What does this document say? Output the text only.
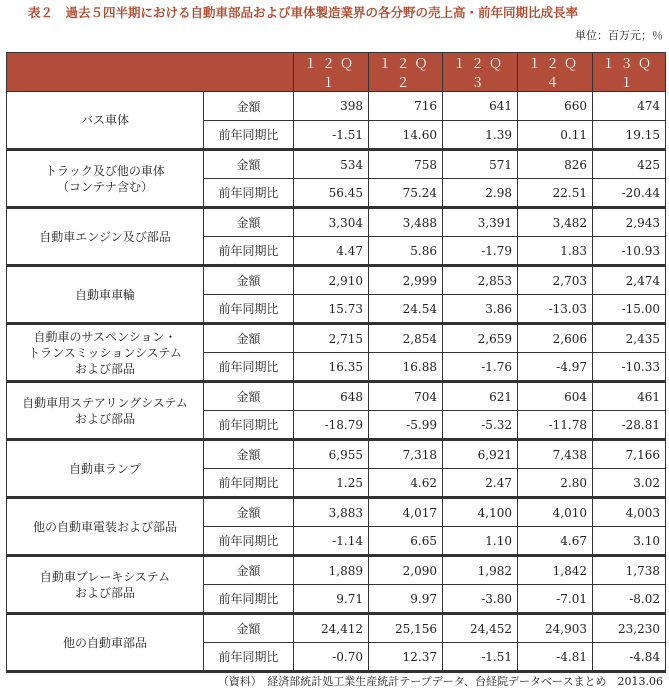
表２　過去５四半期における自動車部品および車体製造業界の各分野の売上高・前年同期比成長率
単位：百万元；％
		１２Ｑ１	１２Ｑ２	１２Ｑ３	１２Ｑ４	１３Ｑ１

バス車体	金額	398	716	641	660	474
	前年同期比	-1.51	14.60	1.39	0.11	19.15

トラック及び他の車体
（コンテナ含む）	金額	534	758	571	826	425
	前年同期比	56.45	75.24	2.98	22.51	-20.44

自動車エンジン及び部品	金額	3,304	3,488	3,391	3,482	2,943
	前年同期比	4.47	5.86	-1.79	1.83	-10.93

自動車車輪	金額	2,910	2,999	2,853	2,703	2,474
	前年同期比	15.73	24.54	3.86	-13.03	-15.00

自動車のサスペンション・
トランスミッションシステム
および部品	金額	2,715	2,854	2,659	2,606	2,435
	前年同期比	16.35	16.88	-1.76	-4.97	-10.33

自動車用ステアリングシステム
および部品	金額	648	704	621	604	461
	前年同期比	-18.79	-5.99	-5.32	-11.78	-28.81

自動車ランプ	金額	6,955	7,318	6,921	7,438	7,166
	前年同期比	1.25	4.62	2.47	2.80	3.02

他の自動車電装および部品	金額	3,883	4,017	4,100	4,010	4,003
	前年同期比	-1.14	6.65	1.10	4.67	3.10

自動車ブレーキシステム
および部品	金額	1,889	2,090	1,982	1,842	1,738
	前年同期比	9.71	9.97	-3.80	-7.01	-8.02

他の自動車部品	金額	24,412	25,156	24,452	24,903	23,230
	前年同期比	-0.70	12.37	-1.51	-4.81	-4.84
（資料）　経済部統計処工業生産統計テープデータ、台経院データベースまとめ　2013.06
